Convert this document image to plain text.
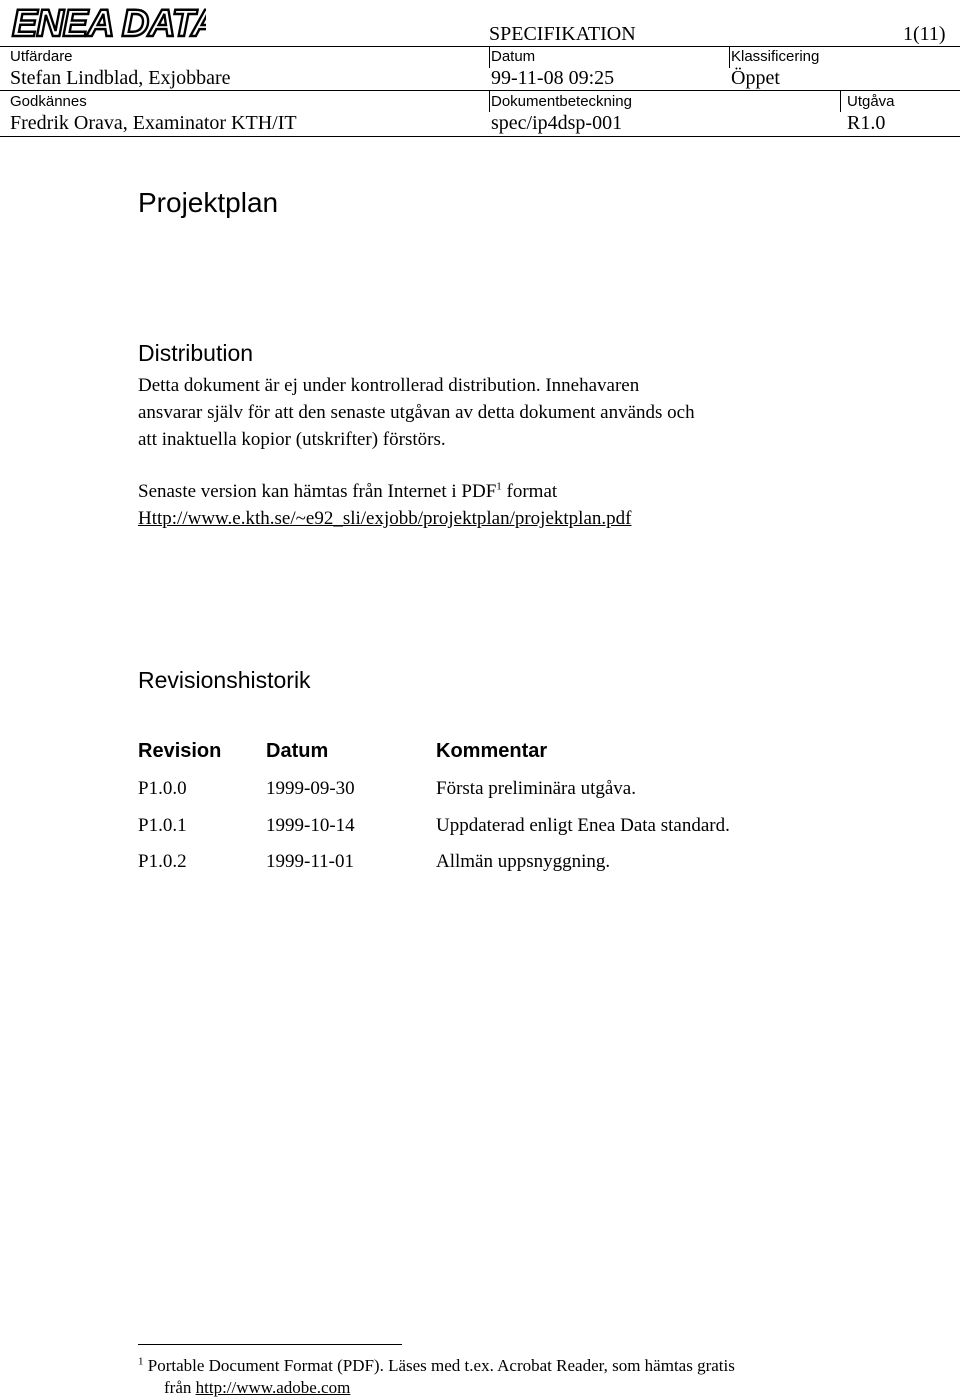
ENEA DATA	SPECIFIKATION	1(11)
Utfärdare
Stefan Lindblad, Exjobbare
Datum
99-11-08 09:25
Klassificering
Öppet
Godkännes
Fredrik Orava, Examinator KTH/IT
Dokumentbeteckning
spec/ip4dsp-001
Utgåva
R1.0
Projektplan
Distribution
Detta dokument är ej under kontrollerad distribution. Innehavaren
ansvarar själv för att den senaste utgåvan av detta dokument används och
att inaktuella kopior (utskrifter) förstörs.
Senaste version kan hämtas från Internet i PDF$^1$ format
Http://www.e.kth.se/~e92_sli/exjobb/projektplan/projektplan.pdf
Revisionshistorik
Revision Datum	Kommentar
P1.0.0	1999-09-30	Första preliminära utgåva.
P1.0.1	1999-10-14	Uppdaterad enligt Enea Data standard.
P1.0.2	1999-11-01	Allmän uppsnyggning.
$^1$ Portable Document Format (PDF). Läses med t.ex. Acrobat Reader, som hämtas gratis
från http://www.adobe.com
